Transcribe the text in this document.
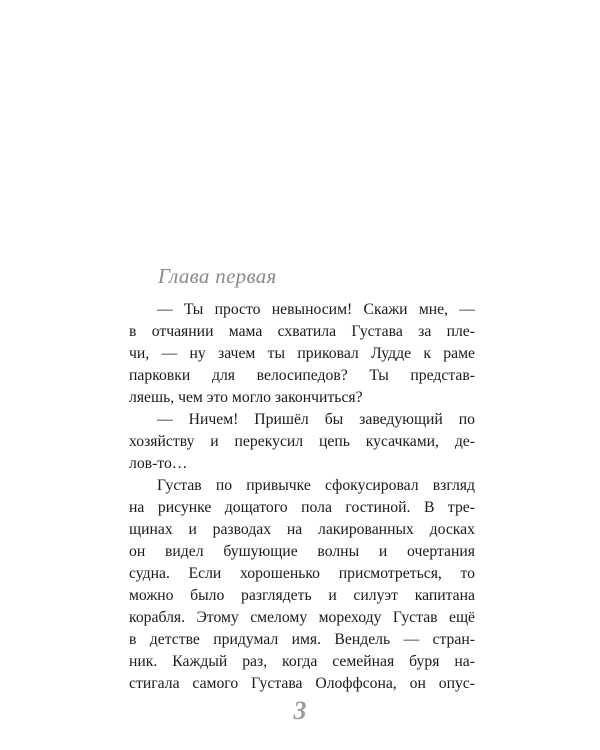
Глава первая
— Ты просто невыносим! Скажи мне, —
в отчаянии мама схватила Густава за пле-
чи, — ну зачем ты приковал Лудде к раме
парковки для велосипедов? Ты представ-
ляешь, чем это могло закончиться?
— Ничем! Пришёл бы заведующий по
хозяйству и перекусил цепь кусачками, де-
лов-то…
Густав по привычке сфокусировал взгляд
на рисунке дощатого пола гостиной. В тре-
щинах и разводах на лакированных досках
он видел бушующие волны и очертания
судна. Если хорошенько присмотреться, то
можно было разглядеть и силуэт капитана
корабля. Этому смелому мореходу Густав ещё
в детстве придумал имя. Вендель — стран-
ник. Каждый раз, когда семейная буря на-
стигала самого Густава Олоффсона, он опус-
3
